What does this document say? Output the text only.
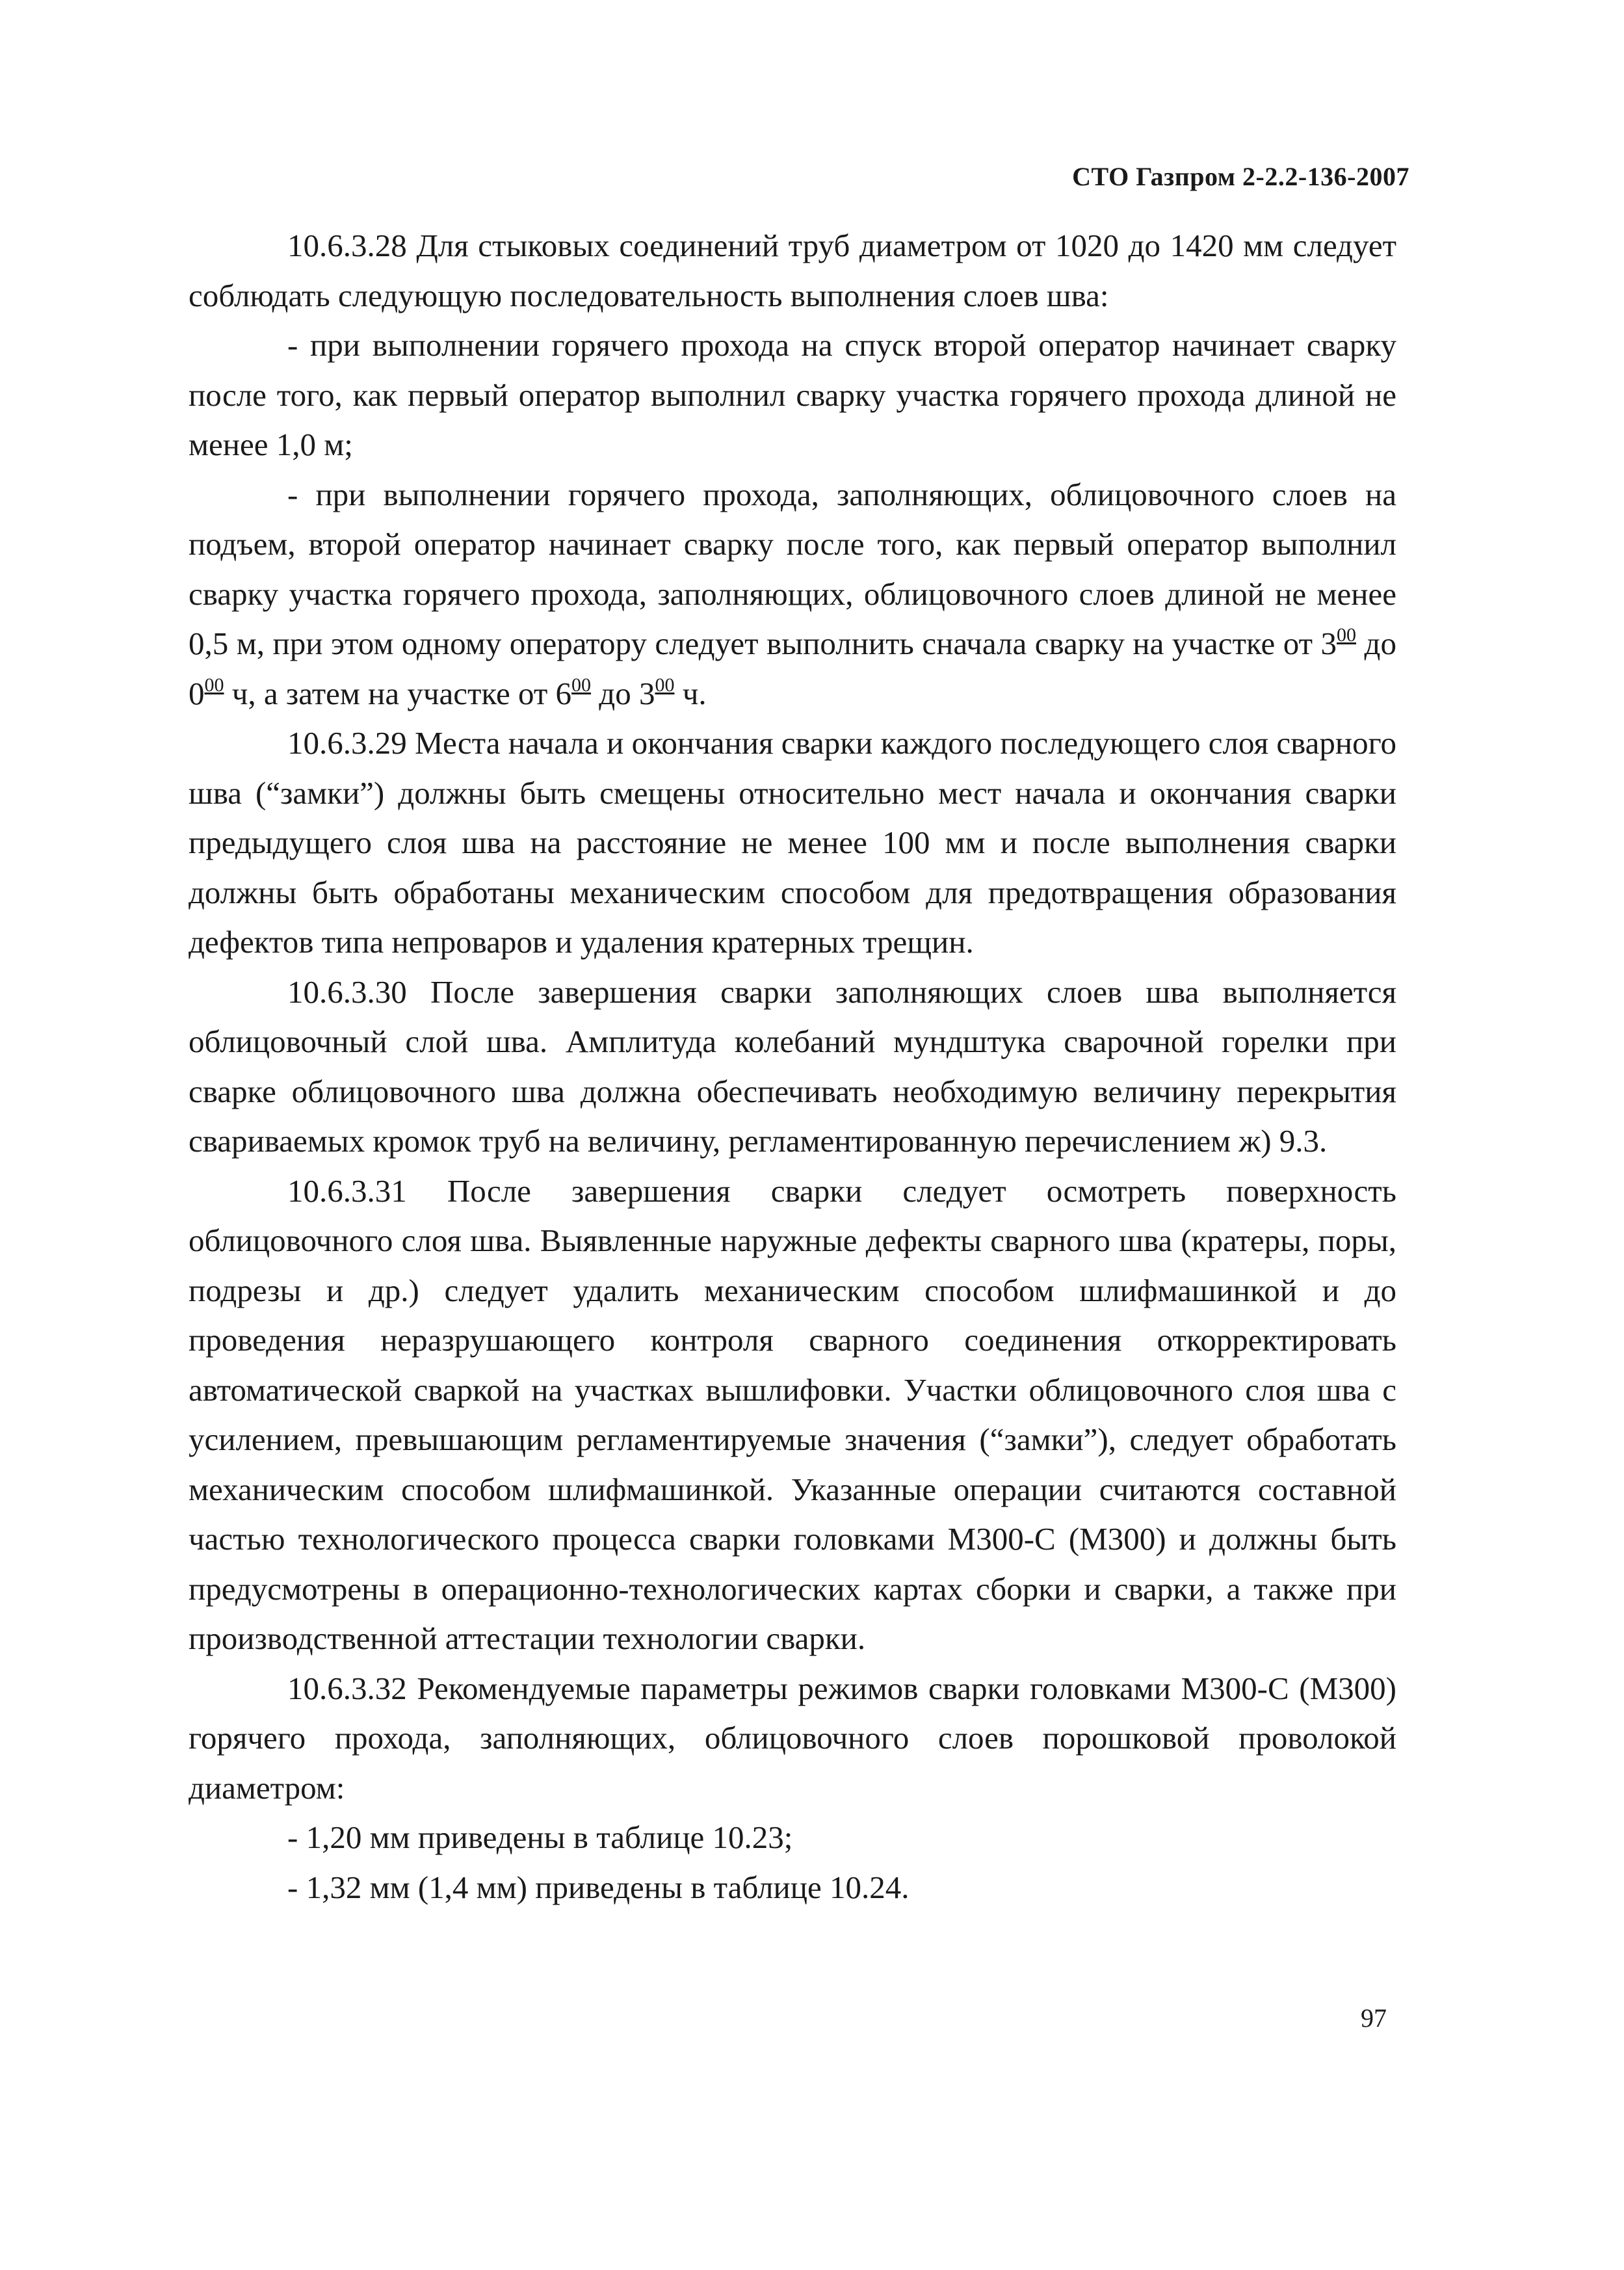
СТО Газпром 2-2.2-136-2007

10.6.3.28 Для стыковых соединений труб диаметром от 1020 до 1420 мм следует соблюдать следующую последовательность выполнения слоев шва:

- при выполнении горячего прохода на спуск второй оператор начинает сварку после того, как первый оператор выполнил сварку участка горячего прохода длиной не менее 1,0 м;

- при выполнении горячего прохода, заполняющих, облицовочного слоев на подъем, второй оператор начинает сварку после того, как первый оператор выполнил сварку участка горячего прохода, заполняющих, облицовочного слоев длиной не менее 0,5 м, при этом одному оператору следует выполнить сначала сварку на участке от $3^{00}$ до $0^{00}$ ч, а затем на участке от $6^{00}$ до $3^{00}$ ч.

10.6.3.29 Места начала и окончания сварки каждого последующего слоя сварного шва (“замки”) должны быть смещены относительно мест начала и окончания сварки предыдущего слоя шва на расстояние не менее 100 мм и после выполнения сварки должны быть обработаны механическим способом для предотвращения образования дефектов типа непроваров и удаления кратерных трещин.

10.6.3.30 После завершения сварки заполняющих слоев шва выполняется облицовочный слой шва. Амплитуда колебаний мундштука сварочной горелки при сварке облицовочного шва должна обеспечивать необходимую величину перекрытия свариваемых кромок труб на величину, регламентированную перечислением ж) 9.3.

10.6.3.31 После завершения сварки следует осмотреть поверхность облицовочного слоя шва. Выявленные наружные дефекты сварного шва (кратеры, поры, подрезы и др.) следует удалить механическим способом шлифмашинкой и до проведения неразрушающего контроля сварного соединения откорректировать автоматической сваркой на участках вышлифовки. Участки облицовочного слоя шва с усилением, превышающим регламентируемые значения (“замки”), следует обработать механическим способом шлифмашинкой. Указанные операции считаются составной частью технологического процесса сварки головками М300-С (М300) и должны быть предусмотрены в операционно-технологических картах сборки и сварки, а также при производственной аттестации технологии сварки.

10.6.3.32 Рекомендуемые параметры режимов сварки головками М300-С (М300) горячего прохода, заполняющих, облицовочного слоев порошковой проволокой диаметром:

- 1,20 мм приведены в таблице 10.23;

- 1,32 мм (1,4 мм) приведены в таблице 10.24.

97
